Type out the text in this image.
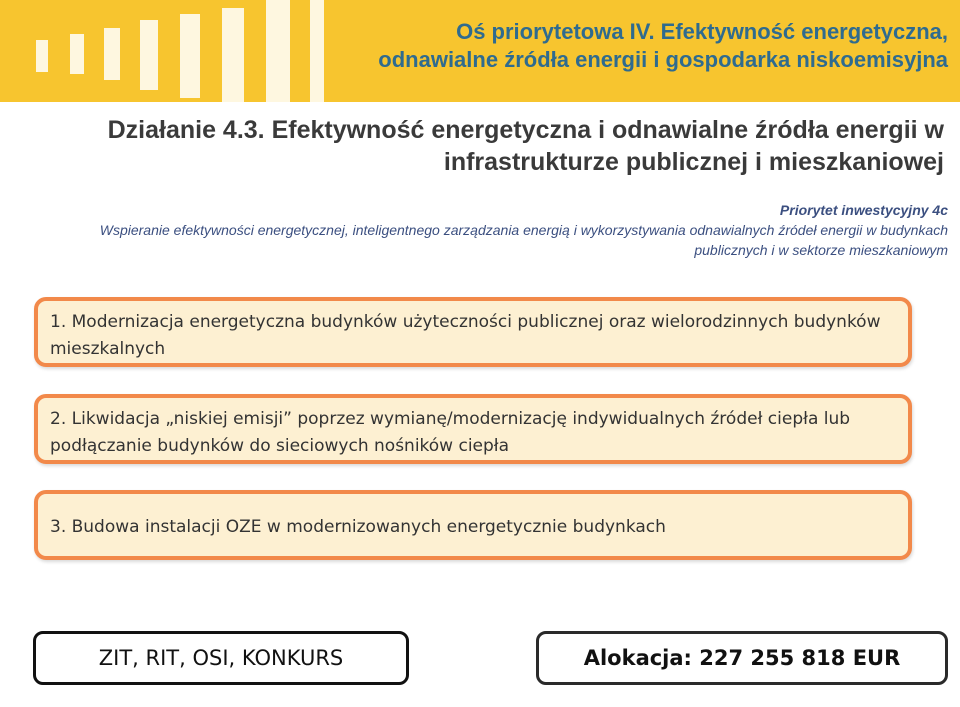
Oś priorytetowa IV. Efektywność energetyczna,
odnawialne źródła energii i gospodarka niskoemisyjna
Działanie 4.3. Efektywność energetyczna i odnawialne źródła energii w
infrastrukturze publicznej i mieszkaniowej
Priorytet inwestycyjny 4c
Wspieranie efektywności energetycznej, inteligentnego zarządzania energią i wykorzystywania odnawialnych źródeł energii w budynkach publicznych i w sektorze mieszkaniowym
1. Modernizacja energetyczna budynków użyteczności publicznej oraz wielorodzinnych budynków mieszkalnych
2. Likwidacja „niskiej emisji” poprzez wymianę/modernizację indywidualnych źródeł ciepła lub podłączanie budynków do sieciowych nośników ciepła
3. Budowa instalacji OZE w modernizowanych energetycznie budynkach
ZIT, RIT, OSI, KONKURS	Alokacja: 227 255 818 EUR
